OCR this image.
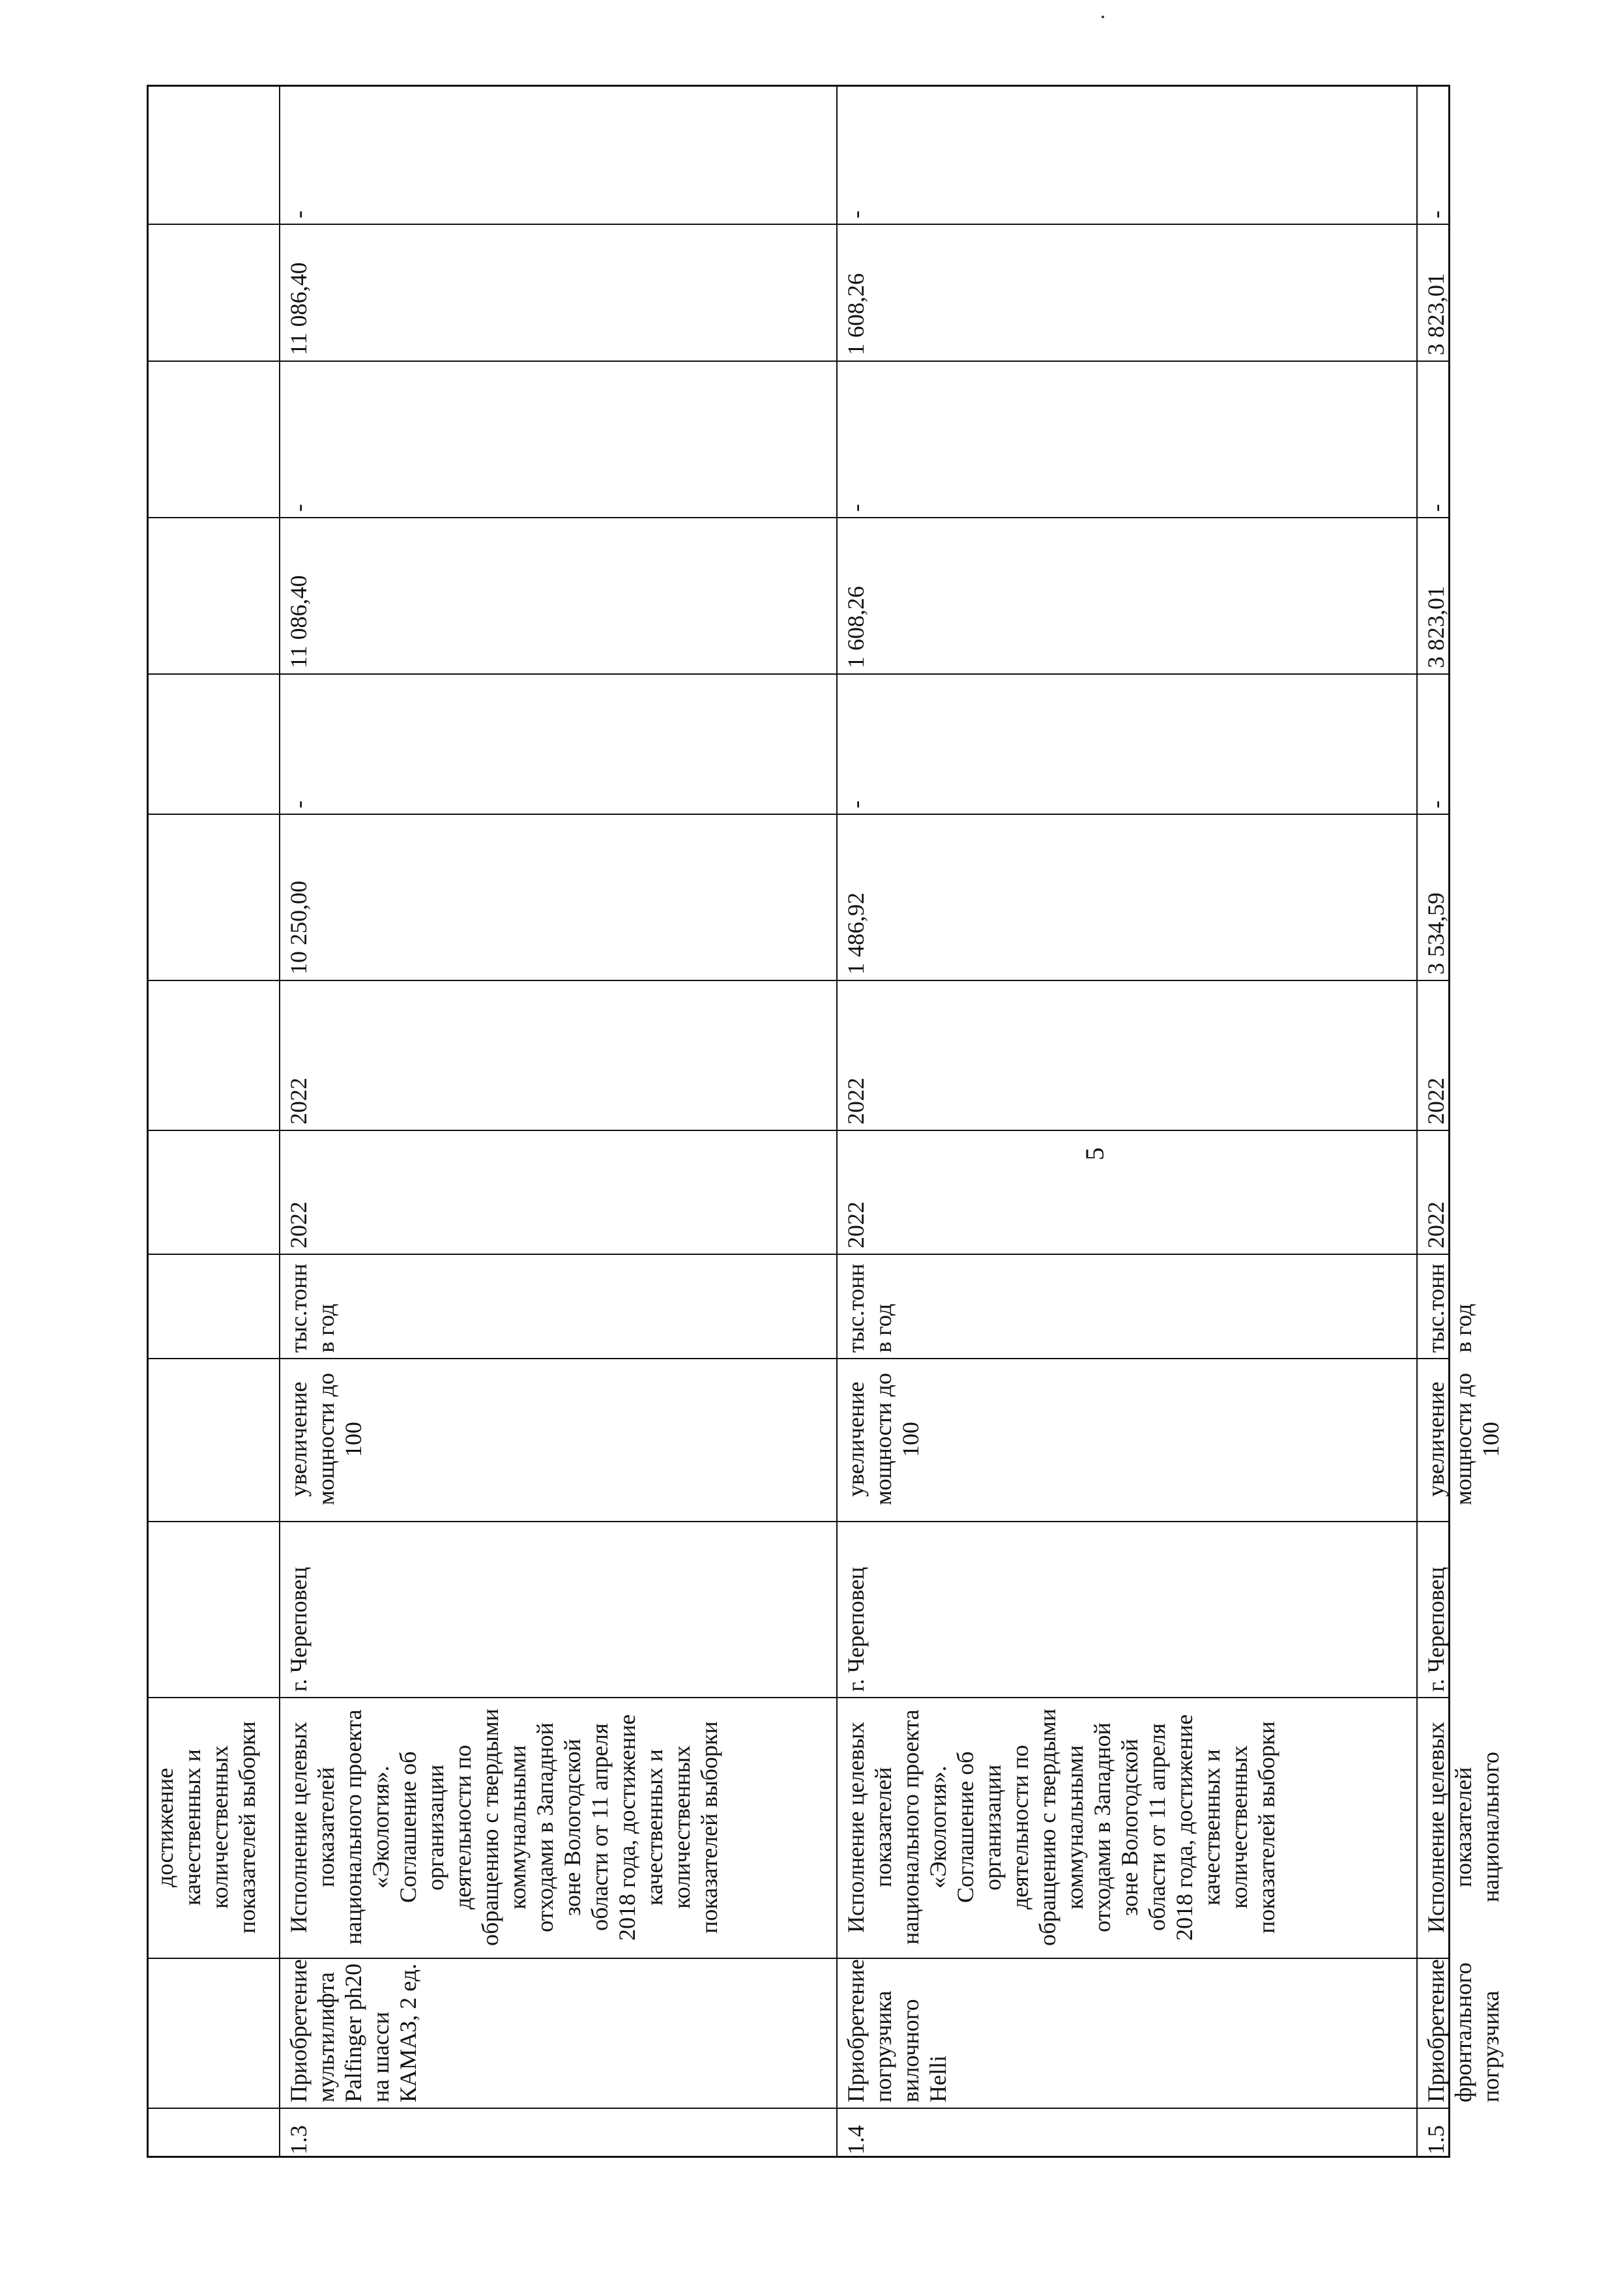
5
достижение качественных и количественных показателей выборки
1.3
Приобретение мультилифта Palfinger ph20 на шасси КАМАЗ, 2 ед.
Исполнение целевых показателей национального проекта «Экология». Соглашение об организации деятельности по обращению с твердыми коммунальными отходами в Западной зоне Вологодской области от 11 апреля 2018 года, достижение качественных и количественных показателей выборки
г. Череповец
увеличение мощности до 100
тыс.тонн в год
2022
2022
10 250,00
-
11 086,40
-
11 086,40
-
1.4
Приобретение погрузчика вилочного Helli
Исполнение целевых показателей национального проекта «Экология». Соглашение об организации деятельности по обращению с твердыми коммунальными отходами в Западной зоне Вологодской области от 11 апреля 2018 года, достижение качественных и количественных показателей выборки
г. Череповец
увеличение мощности до 100
тыс.тонн в год
2022
2022
1 486,92
-
1 608,26
-
1 608,26
-
1.5
Приобретение фронтального погрузчика
Исполнение целевых показателей национального
г. Череповец
увеличение мощности до 100
тыс.тонн в год
2022
2022
3 534,59
-
3 823,01
-
3 823,01
-
